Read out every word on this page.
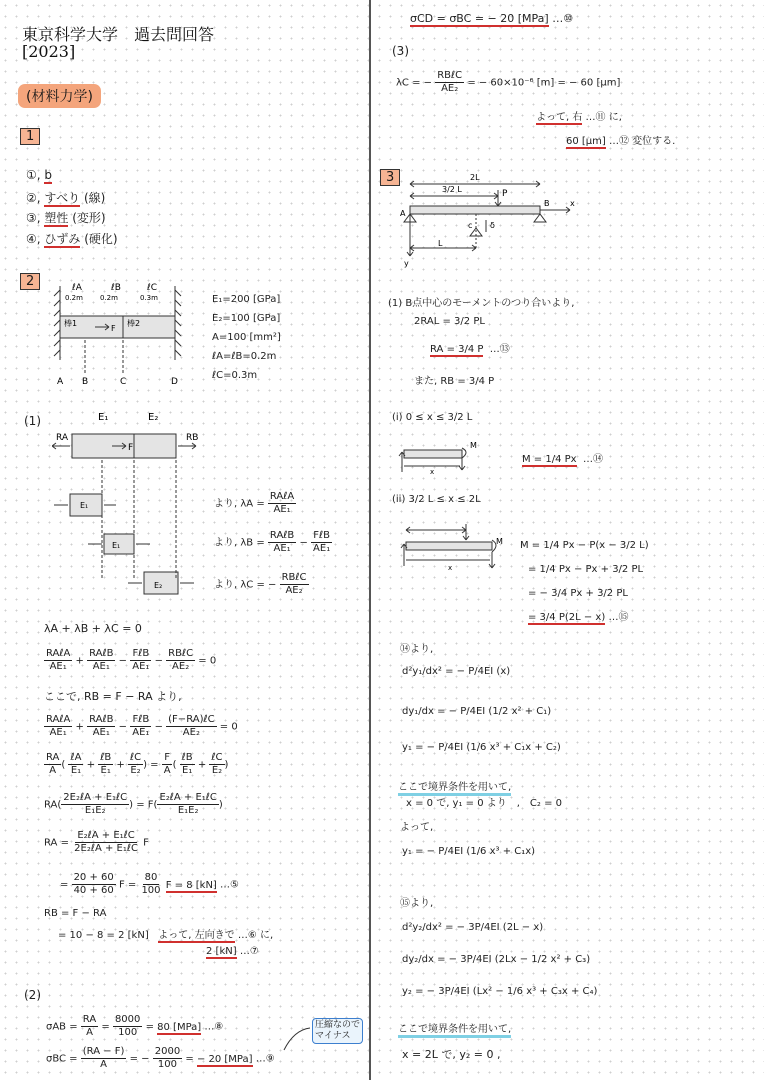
東京科学大学　過去問回答
[2023]
(材料力学)
1
①, b
②, すべり (線)
③, 塑性 (変形)
④, ひずみ (硬化)
2	ℓA	ℓB	ℓC
0.2m 0.2m	0.3m
棒1	棒2
F
A B	C	D
E₁=200 [GPa]
E₂=100 [GPa]
A=100 [mm²]
ℓA=ℓB=0.2m
ℓC=0.3m
(1)	E₁	E₂
RA	RB
F
E₁
E₁
E₂
より, $\lambda A = \frac{\text{RAℓA}}{\text{AE₁}}$
より, $\lambda B = \frac{\text{RAℓB}}{\text{AE₁}} - \frac{\text{FℓB}}{\text{AE₁}}$
より, λC = − $\frac{\text{RBℓC}}{\text{AE₂}}$
λA + λB + λC = 0
$\frac{\text{RAℓA}}{\text{AE₁}} + \frac{\text{RAℓB}}{\text{AE₁}} - \frac{\text{FℓB}}{\text{AE₁}} - \frac{\text{RBℓC}}{\text{AE₂}} = 0$
ここで, RB = F − RA より,
$\frac{\text{RAℓA}}{\text{AE₁}} + \frac{\text{RAℓB}}{\text{AE₁}} - \frac{\text{FℓB}}{\text{AE₁}} - \frac{\text{(F−RA)ℓC}}{\text{AE₂}} = 0$
$\frac{RA}{A}$ ( $\frac{\text{ℓA}}{\text{E₁}} + \frac{\text{ℓB}}{\text{E₁}} + \frac{\text{ℓC}}{\text{E₂}}$ ) = $\frac{F}{A}$ ( $\frac{\text{ℓB}}{\text{E₁}} + \frac{\text{ℓC}}{\text{E₂}}$ )
$RA( \frac{\text{2E₂ℓA + E₁ℓC}}{\text{E₁E₂}}$ ) = $F( \frac{\text{E₂ℓA + E₁ℓC}}{\text{E₁E₂}}$ )
RA = $\frac{\text{E₂ℓA + E₁ℓC}}{\text{2E₂ℓA + E₁ℓC}}$ F
= $\frac{20 + 60}{40 + 60}$ $F = \frac{80}{100}$ F = 8 [kN] …⑤
RB = F − RA
= 10 − 8 = 2 [kN] よって, 左向きで …⑥ に,
2 [kN] …⑦
(2)
$\sigma AB = \frac{RA}{A} = \frac{8000}{100} = 80$ [MPa] …⑧
$\sigma BC = \frac{(RA - F)}{A}$ = − $\frac{2000}{100}$ = − 20 [MPa] …⑨
圧縮なので
マイナス
σCD = σBC = − 20 [MPa] …⑩
(3)
λC = − $\frac{\text{RBℓC}}{\text{AE₂}}$ = − 60×10⁻⁶ [m] = − 60 [μm]
よって, 右 …⑪ に,
60 [μm] …⑫ 変位する.
3	2L
3/2 L	P
A
B	x
y
L
c δ
(1) B点中心のモーメントのつり合いより,
2RAL = 3/2 PL
RA = 3/4 P …⑬
また, RB = 3/4 P
(i) 0 ≤ x ≤ 3/2 L
M
x
M = 1/4 Px …⑭
(ii) 3/2 L ≤ x ≤ 2L
M
x
M = 1/4 Px − P(x − 3/2 L)
= 1/4 Px − Px + 3/2 PL
= − 3/4 Px + 3/2 PL
= 3/4 P(2L − x) …⑮
⑭より,
d²y₁/dx² = − P/4EI (x)
dy₁/dx = − P/4EI (1/2 x² + C₁)
y₁ = − P/4EI (1/6 x³ + C₁x + C₂)
ここで境界条件を用いて,
x = 0 で, y₁ = 0 より　,　C₂ = 0
よって,
y₁ = − P/4EI (1/6 x³ + C₁x)
⑮より,
d²y₂/dx² = − 3P/4EI (2L − x)
dy₂/dx = − 3P/4EI (2Lx − 1/2 x² + C₃)
y₂ = − 3P/4EI (Lx² − 1/6 x³ + C₃x + C₄)
ここで境界条件を用いて,
x = 2L で, y₂ = 0 ,
